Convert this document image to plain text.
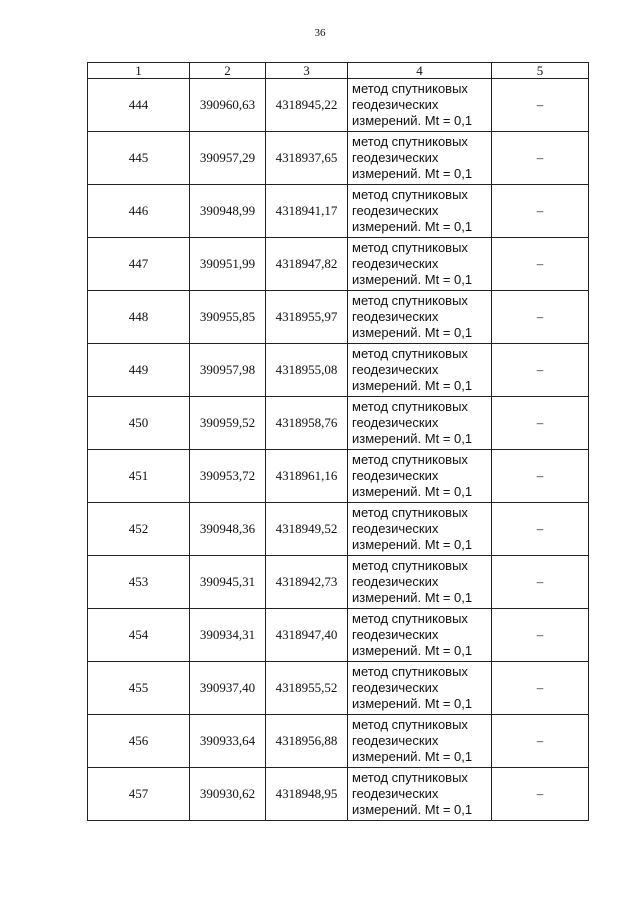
36
1	2	3	4	5
444	390960,63	4318945,22	метод спутниковых
геодезических
измерений. Mt = 0,1	–
445	390957,29	4318937,65	метод спутниковых
геодезических
измерений. Mt = 0,1	–
446	390948,99	4318941,17	метод спутниковых
геодезических
измерений. Mt = 0,1	–
447	390951,99	4318947,82	метод спутниковых
геодезических
измерений. Mt = 0,1	–
448	390955,85	4318955,97	метод спутниковых
геодезических
измерений. Mt = 0,1	–
449	390957,98	4318955,08	метод спутниковых
геодезических
измерений. Mt = 0,1	–
450	390959,52	4318958,76	метод спутниковых
геодезических
измерений. Mt = 0,1	–
451	390953,72	4318961,16	метод спутниковых
геодезических
измерений. Mt = 0,1	–
452	390948,36	4318949,52	метод спутниковых
геодезических
измерений. Mt = 0,1	–
453	390945,31	4318942,73	метод спутниковых
геодезических
измерений. Mt = 0,1	–
454	390934,31	4318947,40	метод спутниковых
геодезических
измерений. Mt = 0,1	–
455	390937,40	4318955,52	метод спутниковых
геодезических
измерений. Mt = 0,1	–
456	390933,64	4318956,88	метод спутниковых
геодезических
измерений. Mt = 0,1	–
457	390930,62	4318948,95	метод спутниковых
геодезических
измерений. Mt = 0,1	–
